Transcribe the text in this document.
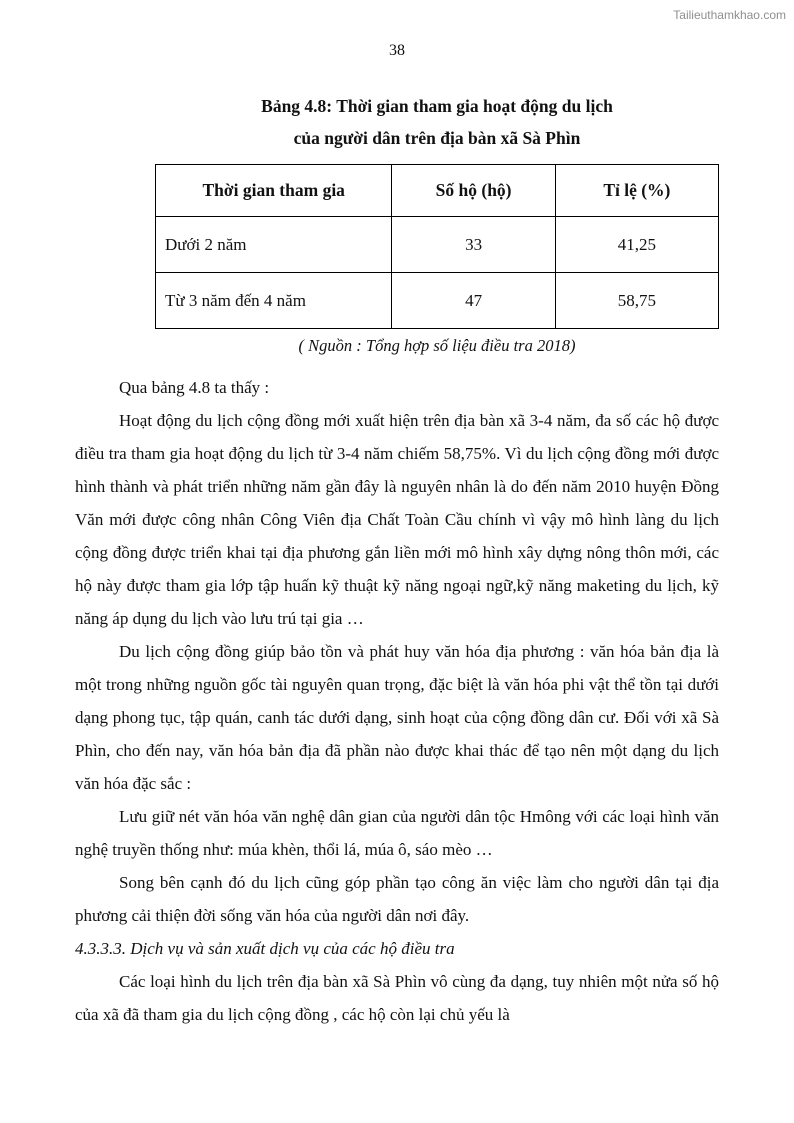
Tailieuthamkhao.com
38
Bảng 4.8: Thời gian tham gia hoạt động du lịch
của người dân trên địa bàn xã Sà Phìn
Thời gian tham gia	Số hộ (hộ)	Tỉ lệ (%)
Dưới 2 năm	33	41,25
Từ 3 năm đến 4 năm	47	58,75
( Nguồn : Tổng hợp số liệu điều tra 2018)

Qua bảng 4.8 ta thấy :

Hoạt động du lịch cộng đồng mới xuất hiện trên địa bàn xã 3-4 năm, đa số các hộ được điều tra tham gia hoạt động du lịch từ 3-4 năm chiếm 58,75%. Vì du lịch cộng đồng mới được hình thành và phát triển những năm gần đây là nguyên nhân là do đến năm 2010 huyện Đồng Văn mới được công nhân Công Viên địa Chất Toàn Cầu chính vì vậy mô hình làng du lịch cộng đồng được triển khai tại địa phương gắn liền mới mô hình xây dựng nông thôn mới, các hộ này được tham gia lớp tập huấn kỹ thuật kỹ năng ngoại ngữ,kỹ năng maketing du lịch, kỹ năng áp dụng du lịch vào lưu trú tại gia …

Du lịch cộng đồng giúp bảo tồn và phát huy văn hóa địa phương : văn hóa bản địa là một trong những nguồn gốc tài nguyên quan trọng, đặc biệt là văn hóa phi vật thể tồn tại dưới dạng phong tục, tập quán, canh tác dưới dạng, sinh hoạt của cộng đồng dân cư. Đối với xã Sà Phìn, cho đến nay, văn hóa bản địa đã phần nào được khai thác để tạo nên một dạng du lịch văn hóa đặc sắc :

Lưu giữ nét văn hóa văn nghệ dân gian của người dân tộc Hmông với các loại hình văn nghệ truyền thống như: múa khèn, thổi lá, múa ô, sáo mèo …

Song bên cạnh đó du lịch cũng góp phần tạo công ăn việc làm cho người dân tại địa phương cải thiện đời sống văn hóa của người dân nơi đây.

4.3.3.3. Dịch vụ và sản xuất dịch vụ của các hộ điều tra

Các loại hình du lịch trên địa bàn xã Sà Phìn vô cùng đa dạng, tuy nhiên một nửa số hộ của xã đã tham gia du lịch cộng đồng , các hộ còn lại chủ yếu là
